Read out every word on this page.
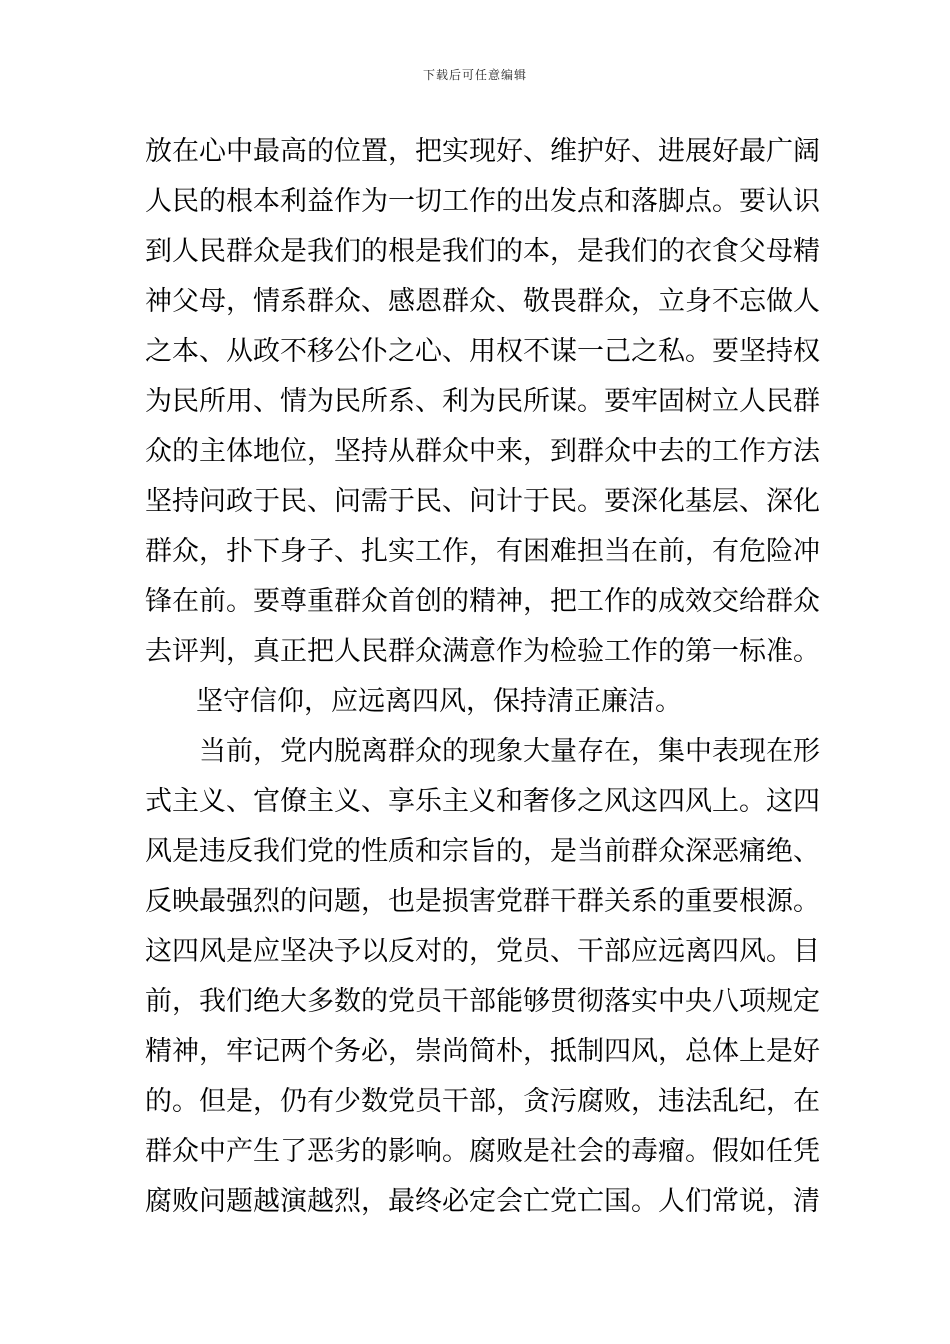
下载后可任意编辑
放在心中最高的位置，把实现好、维护好、进展好最广阔
人民的根本利益作为一切工作的出发点和落脚点。要认识
到人民群众是我们的根是我们的本，是我们的衣食父母精
神父母，情系群众、感恩群众、敬畏群众，立身不忘做人
之本、从政不移公仆之心、用权不谋一己之私。要坚持权
为民所用、情为民所系、利为民所谋。要牢固树立人民群
众的主体地位，坚持从群众中来，到群众中去的工作方法
坚持问政于民、问需于民、问计于民。要深化基层、深化
群众，扑下身子、扎实工作，有困难担当在前，有危险冲
锋在前。要尊重群众首创的精神，把工作的成效交给群众
去评判，真正把人民群众满意作为检验工作的第一标准。
坚守信仰，应远离四风，保持清正廉洁。
当前，党内脱离群众的现象大量存在，集中表现在形
式主义、官僚主义、享乐主义和奢侈之风这四风上。这四
风是违反我们党的性质和宗旨的，是当前群众深恶痛绝、
反映最强烈的问题，也是损害党群干群关系的重要根源。
这四风是应坚决予以反对的，党员、干部应远离四风。目
前，我们绝大多数的党员干部能够贯彻落实中央八项规定
精神，牢记两个务必，崇尚简朴，抵制四风，总体上是好
的。但是，仍有少数党员干部，贪污腐败，违法乱纪，在
群众中产生了恶劣的影响。腐败是社会的毒瘤。假如任凭
腐败问题越演越烈，最终必定会亡党亡国。人们常说，清
